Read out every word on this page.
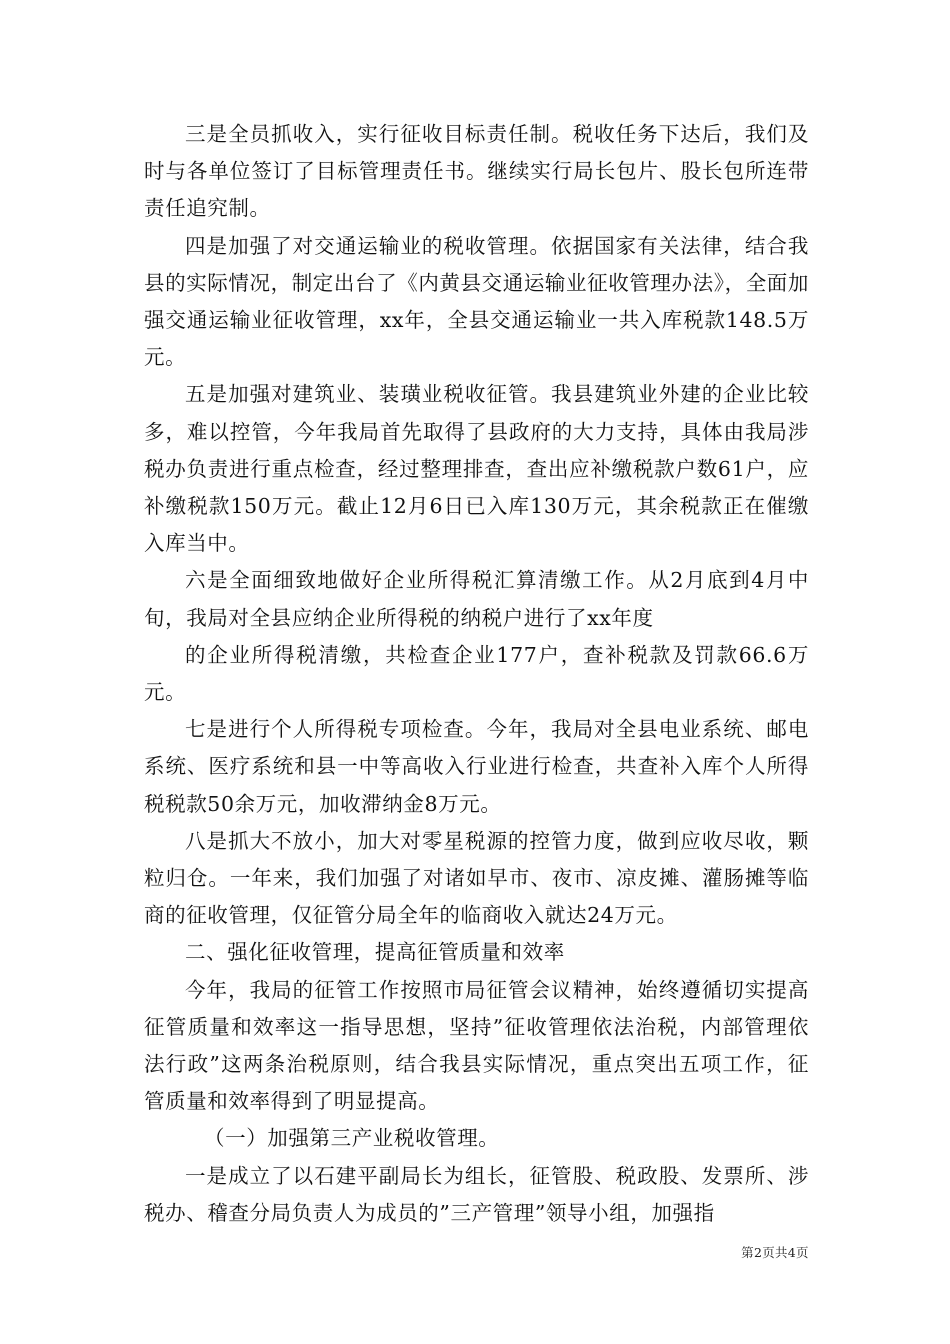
三是全员抓收入，实行征收目标责任制。税收任务下达后，我们及时与各单位签订了目标管理责任书。继续实行局长包片、股长包所连带责任追究制。

四是加强了对交通运输业的税收管理。依据国家有关法律，结合我县的实际情况，制定出台了《内黄县交通运输业征收管理办法》，全面加强交通运输业征收管理，xx年，全县交通运输业一共入库税款148.5万元。

五是加强对建筑业、装璜业税收征管。我县建筑业外建的企业比较多，难以控管，今年我局首先取得了县政府的大力支持，具体由我局涉税办负责进行重点检查，经过整理排查，查出应补缴税款户数61户，应补缴税款150万元。截止12月6日已入库130万元，其余税款正在催缴入库当中。

六是全面细致地做好企业所得税汇算清缴工作。从2月底到4月中旬，我局对全县应纳企业所得税的纳税户进行了xx年度

的企业所得税清缴，共检查企业177户，查补税款及罚款66.6万元。

七是进行个人所得税专项检查。今年，我局对全县电业系统、邮电系统、医疗系统和县一中等高收入行业进行检查，共查补入库个人所得税税款50余万元，加收滞纳金8万元。

八是抓大不放小，加大对零星税源的控管力度，做到应收尽收，颗粒归仓。一年来，我们加强了对诸如早市、夜市、凉皮摊、灌肠摊等临商的征收管理，仅征管分局全年的临商收入就达24万元。

二、强化征收管理，提高征管质量和效率

今年，我局的征管工作按照市局征管会议精神，始终遵循切实提高征管质量和效率这一指导思想，坚持”征收管理依法治税，内部管理依法行政”这两条治税原则，结合我县实际情况，重点突出五项工作，征管质量和效率得到了明显提高。

（一）加强第三产业税收管理。

一是成立了以石建平副局长为组长，征管股、税政股、发票所、涉税办、稽查分局负责人为成员的”三产管理”领导小组，加强指

第2页共4页
